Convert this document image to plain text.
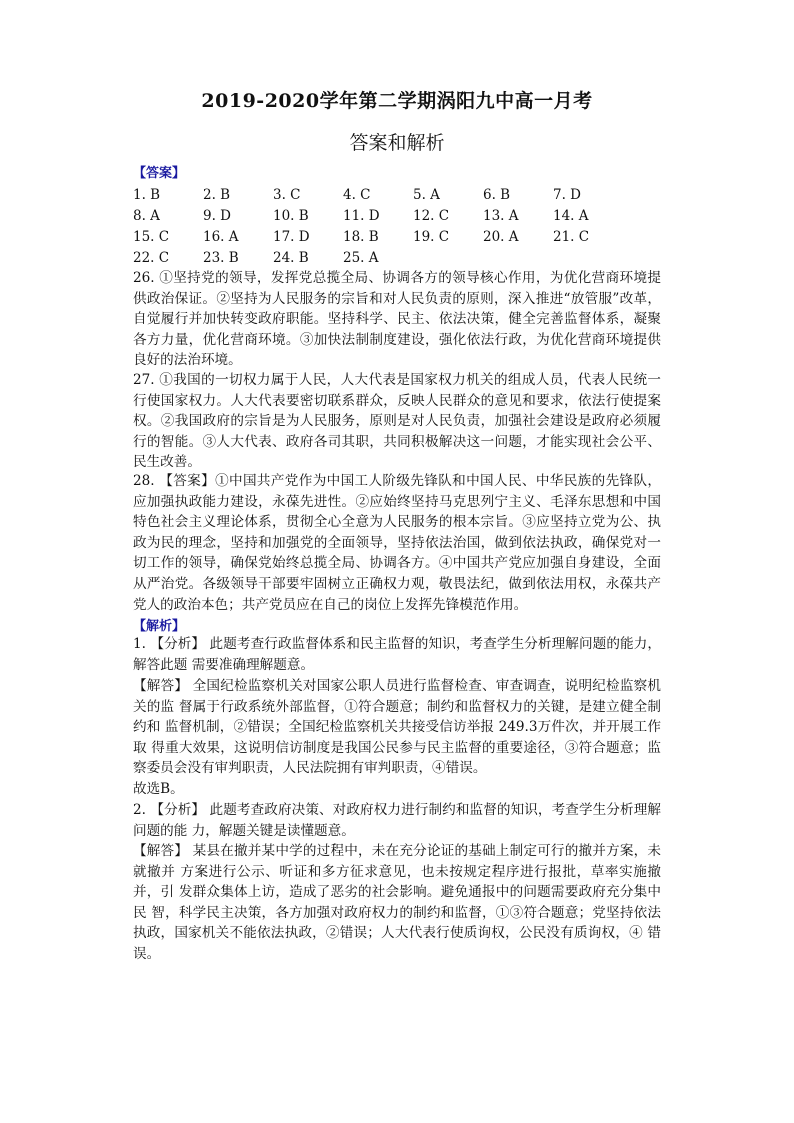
2019-2020学年第二学期涡阳九中高一月考
答案和解析
【答案】
1. B	2. B	3. C	4. C	5. A	6. B	7. D
8. A	9. D	10. B	11. D	12. C	13. A	14. A
15. C	16. A	17. D	18. B	19. C	20. A	21. C
22. C	23. B	24. B	25. A

26. ①坚持党的领导，发挥党总揽全局、协调各方的领导核心作用，为优化营商环境提供政治保证。②坚持为人民服务的宗旨和对人民负责的原则，深入推进“放管服”改革，自觉履行并加快转变政府职能。坚持科学、民主、依法决策，健全完善监督体系，凝聚各方力量，优化营商环境。③加快法制制度建设，强化依法行政，为优化营商环境提供良好的法治环境。

27. ①我国的一切权力属于人民，人大代表是国家权力机关的组成人员，代表人民统一行使国家权力。人大代表要密切联系群众，反映人民群众的意见和要求，依法行使提案权。②我国政府的宗旨是为人民服务，原则是对人民负责，加强社会建设是政府必须履行的智能。③人大代表、政府各司其职，共同积极解决这一问题，才能实现社会公平、民生改善。

28. 【答案】①中国共产党作为中国工人阶级先锋队和中国人民、中华民族的先锋队，应加强执政能力建设，永葆先进性。②应始终坚持马克思列宁主义、毛泽东思想和中国特色社会主义理论体系，贯彻全心全意为人民服务的根本宗旨。③应坚持立党为公、执政为民的理念，坚持和加强党的全面领导，坚持依法治国，做到依法执政，确保党对一切工作的领导，确保党始终总揽全局、协调各方。④中国共产党应加强自身建设，全面从严治党。各级领导干部要牢固树立正确权力观，敬畏法纪，做到依法用权，永葆共产党人的政治本色；共产党员应在自己的岗位上发挥先锋模范作用。

【解析】

1. 【分析】 此题考查行政监督体系和民主监督的知识，考查学生分析理解问题的能力，解答此题 需要准确理解题意。

【解答】 全国纪检监察机关对国家公职人员进行监督检查、审查调查，说明纪检监察机关的监 督属于行政系统外部监督，①符合题意；制约和监督权力的关键，是建立健全制约和 监督机制，②错误；全国纪检监察机关共接受信访举报 249.3万件次，并开展工作取 得重大效果，这说明信访制度是我国公民参与民主监督的重要途径，③符合题意；监 察委员会没有审判职责，人民法院拥有审判职责，④错误。

故选B。

2. 【分析】 此题考查政府决策、对政府权力进行制约和监督的知识，考查学生分析理解问题的能 力，解题关键是读懂题意。

【解答】 某县在撤并某中学的过程中，未在充分论证的基础上制定可行的撤并方案，未就撤并 方案进行公示、听证和多方征求意见，也未按规定程序进行报批，草率实施撤并，引 发群众集体上访，造成了恶劣的社会影响。避免通报中的问题需要政府充分集中民 智，科学民主决策，各方加强对政府权力的制约和监督，①③符合题意；党坚持依法 执政，国家机关不能依法执政，②错误；人大代表行使质询权，公民没有质询权，④ 错误。
